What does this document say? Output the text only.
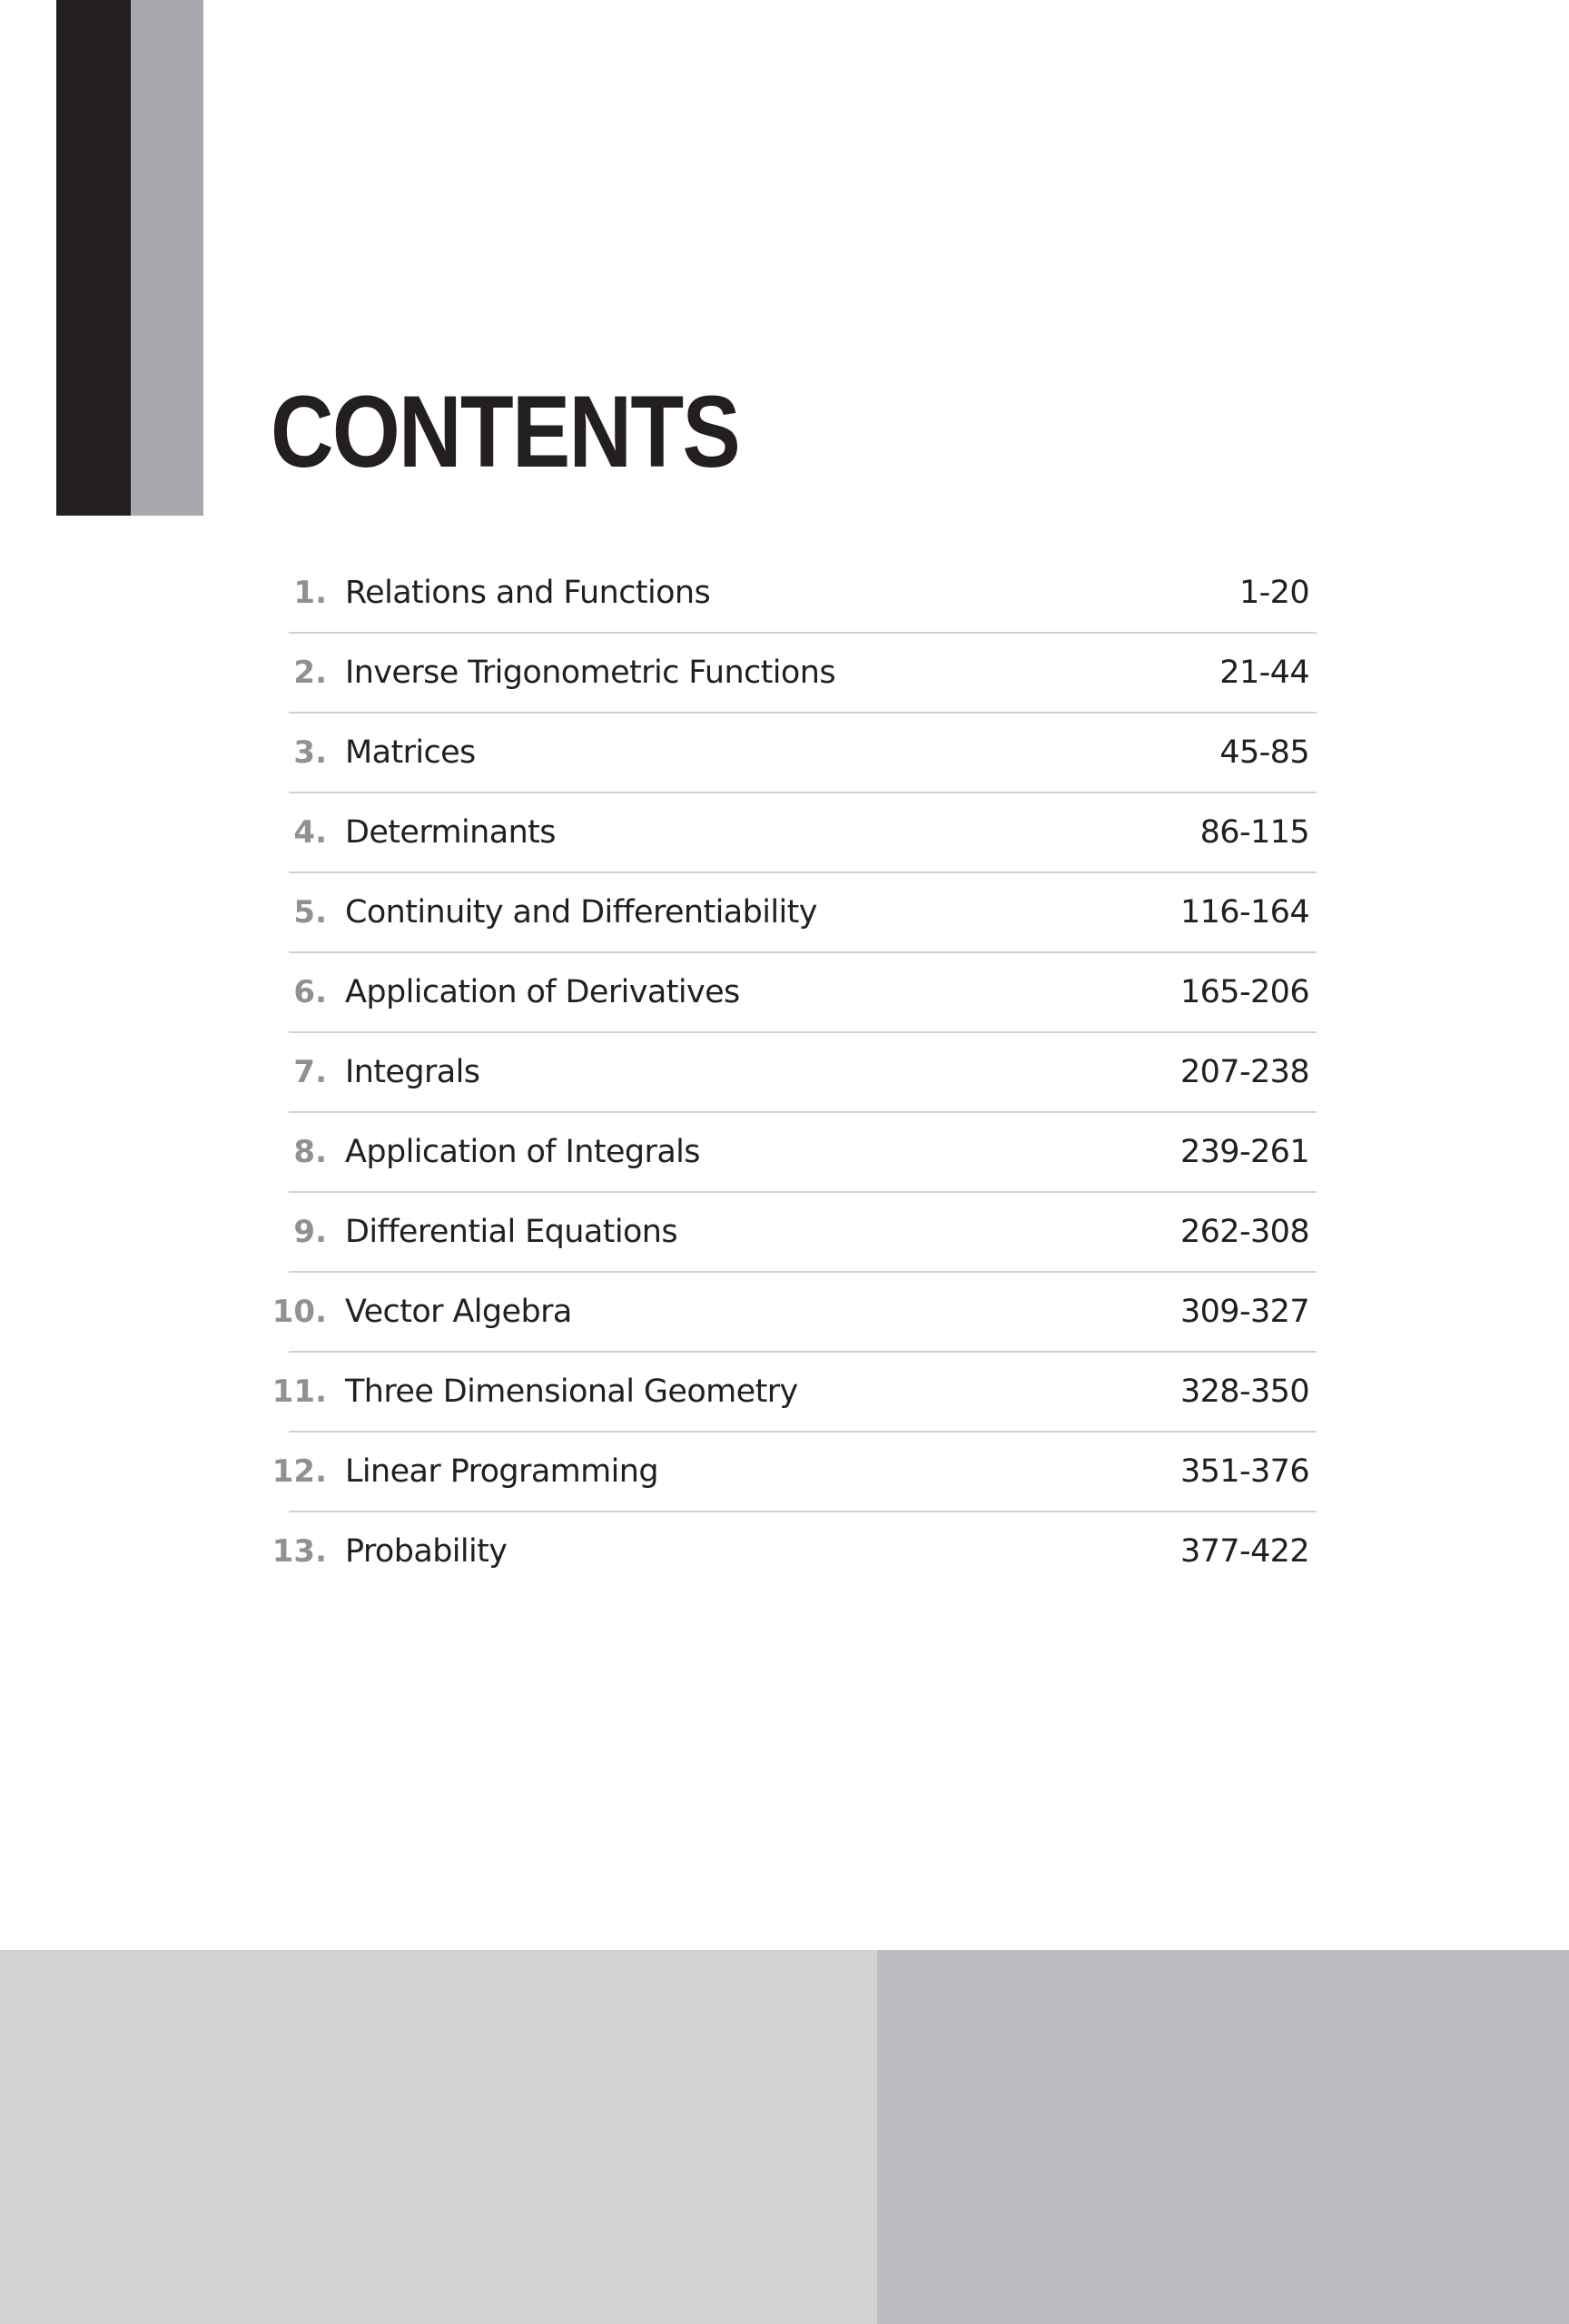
CONTENTS
1. Relations and Functions	1-20
2. Inverse Trigonometric Functions	21-44
3. Matrices	45-85
4. Determinants	86-115
5. Continuity and Differentiability	116-164
6. Application of Derivatives	165-206
7. Integrals	207-238
8. Application of Integrals	239-261
9. Differential Equations	262-308
10. Vector Algebra	309-327
11. Three Dimensional Geometry	328-350
12. Linear Programming	351-376
13. Probability	377-422
